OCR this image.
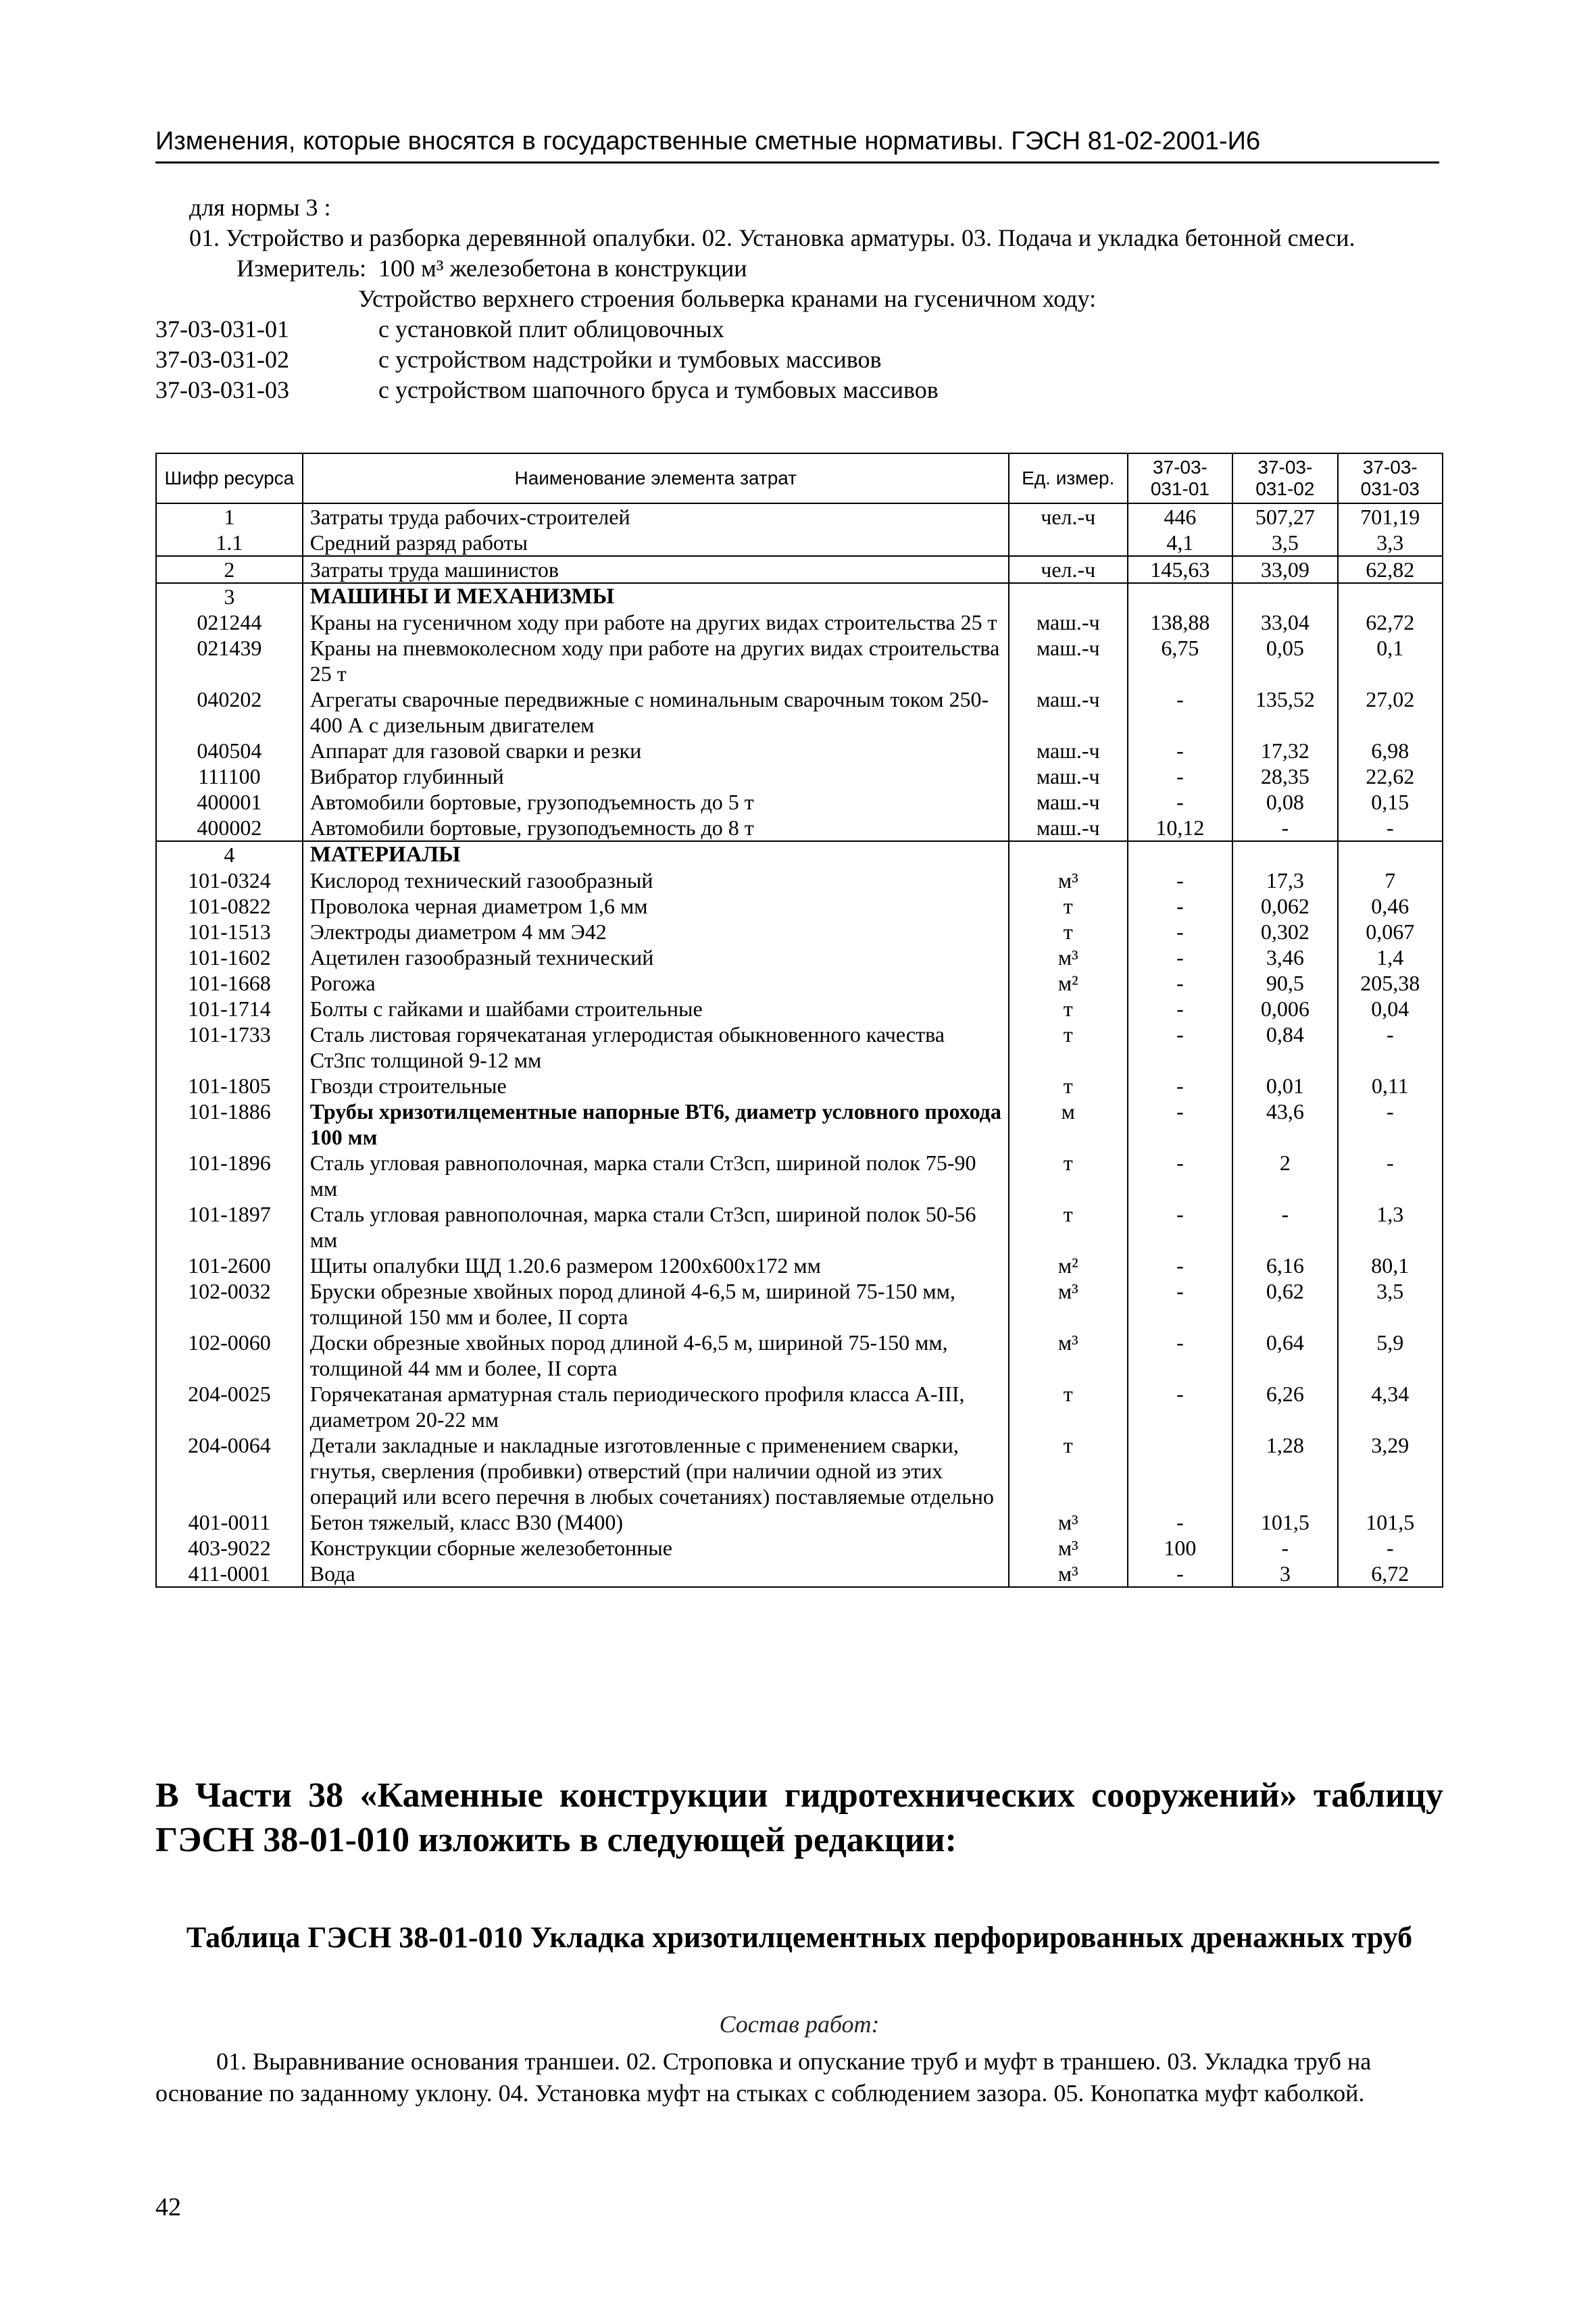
Изменения, которые вносятся в государственные сметные нормативы. ГЭСН 81-02-2001-И6

для нормы 3 :

01. Устройство и разборка деревянной опалубки. 02. Установка арматуры. 03. Подача и укладка бетонной смеси.

Измеритель: 100 м³ железобетона в конструкции

Устройство верхнего строения больверка кранами на гусеничном ходу:

37-03-031-01	с установкой плит облицовочных
37-03-031-02	с устройством надстройки и тумбовых массивов
37-03-031-03	с устройством шапочного бруса и тумбовых массивов
Шифр ресурса	Наименование элемента затрат	Ед. измер.	37-03-031-01	37-03-031-02	37-03-031-03
1	Затраты труда рабочих-строителей	чел.-ч	446	507,27	701,19
1.1	Средний разряд работы		4,1	3,5	3,3
2	Затраты труда машинистов	чел.-ч	145,63	33,09	62,82
3	МАШИНЫ И МЕХАНИЗМЫ				
021244	Краны на гусеничном ходу при работе на других видах строительства 25 т	маш.-ч	138,88	33,04	62,72
021439	Краны на пневмоколесном ходу при работе на других видах строительства 25 т	маш.-ч	6,75	0,05	0,1
040202	Агрегаты сварочные передвижные с номинальным сварочным током 250-400 А с дизельным двигателем	маш.-ч	-	135,52	27,02
040504	Аппарат для газовой сварки и резки	маш.-ч	-	17,32	6,98
111100	Вибратор глубинный	маш.-ч	-	28,35	22,62
400001	Автомобили бортовые, грузоподъемность до 5 т	маш.-ч	-	0,08	0,15
400002	Автомобили бортовые, грузоподъемность до 8 т	маш.-ч	10,12	-	-
4	МАТЕРИАЛЫ				
101-0324	Кислород технический газообразный	м³	-	17,3	7
101-0822	Проволока черная диаметром 1,6 мм	т	-	0,062	0,46
101-1513	Электроды диаметром 4 мм Э42	т	-	0,302	0,067
101-1602	Ацетилен газообразный технический	м³	-	3,46	1,4
101-1668	Рогожа	м²	-	90,5	205,38
101-1714	Болты с гайками и шайбами строительные	т	-	0,006	0,04
101-1733	Сталь листовая горячекатаная углеродистая обыкновенного качества Ст3пс толщиной 9-12 мм	т	-	0,84	-
101-1805	Гвозди строительные	т	-	0,01	0,11
101-1886	Трубы хризотилцементные напорные ВТ6, диаметр условного прохода 100 мм	м	-	43,6	-
101-1896	Сталь угловая равнополочная, марка стали Ст3сп, шириной полок 75-90 мм	т	-	2	-
101-1897	Сталь угловая равнополочная, марка стали Ст3сп, шириной полок 50-56 мм	т	-	-	1,3
101-2600	Щиты опалубки ЩД 1.20.6 размером 1200х600х172 мм	м²	-	6,16	80,1
102-0032	Бруски обрезные хвойных пород длиной 4-6,5 м, шириной 75-150 мм, толщиной 150 мм и более, II сорта	м³	-	0,62	3,5
102-0060	Доски обрезные хвойных пород длиной 4-6,5 м, шириной 75-150 мм, толщиной 44 мм и более, II сорта	м³	-	0,64	5,9
204-0025	Горячекатаная арматурная сталь периодического профиля класса А-III, диаметром 20-22 мм	т	-	6,26	4,34
204-0064	Детали закладные и накладные изготовленные с применением сварки, гнутья, сверления (пробивки) отверстий (при наличии одной из этих операций или всего перечня в любых сочетаниях) поставляемые отдельно	т		1,28	3,29
401-0011	Бетон тяжелый, класс В30 (М400)	м³	-	101,5	101,5
403-9022	Конструкции сборные железобетонные	м³	100	-	-
411-0001	Вода	м³	-	3	6,72
В Части 38 «Каменные конструкции гидротехнических сооружений» таблицу ГЭСН 38-01-010 изложить в следующей редакции:
Таблица ГЭСН 38-01-010 Укладка хризотилцементных перфорированных дренажных труб
Состав работ:

01. Выравнивание основания траншеи. 02. Строповка и опускание труб и муфт в траншею. 03. Укладка труб на основание по заданному уклону. 04. Установка муфт на стыках с соблюдением зазора. 05. Конопатка муфт каболкой.

42
